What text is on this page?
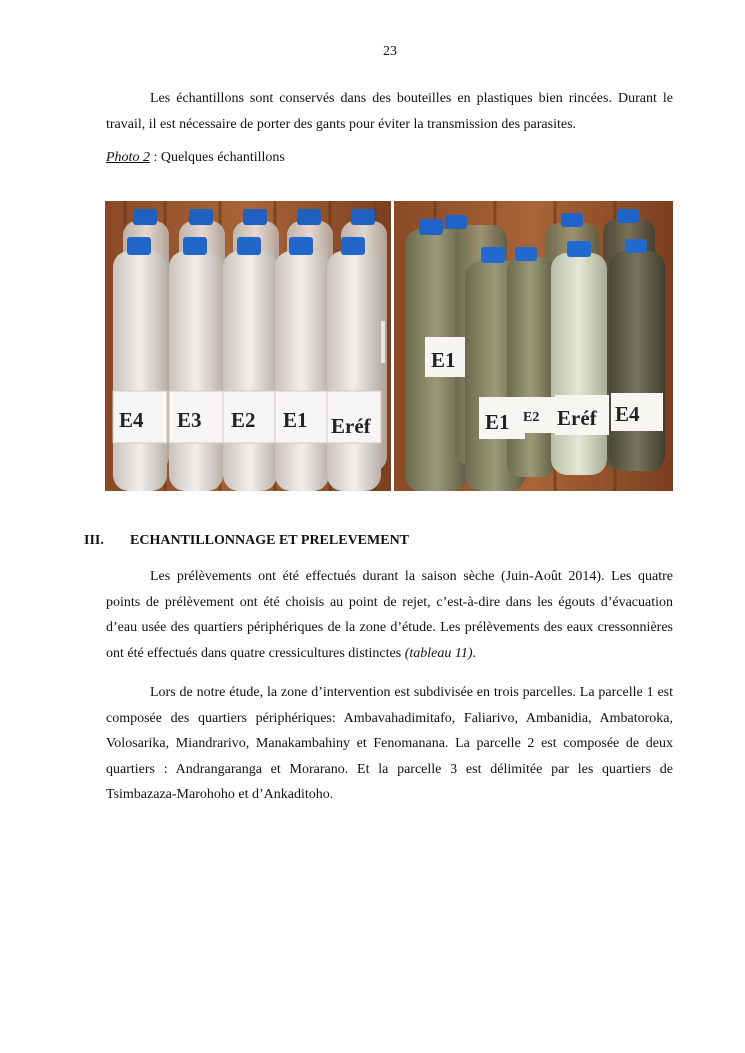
23

Les échantillons sont conservés dans des bouteilles en plastiques bien rincées. Durant le travail, il est nécessaire de porter des gants pour éviter la transmission des parasites.

Photo 2 : Quelques échantillons
E4 E3 E2 E1 Eréf
E1
E1 E2 Eréf E4
III. ECHANTILLONNAGE ET PRELEVEMENT

Les prélèvements ont été effectués durant la saison sèche (Juin-Août 2014). Les quatre points de prélèvement ont été choisis au point de rejet, c’est-à-dire dans les égouts d’évacuation d’eau usée des quartiers périphériques de la zone d’étude. Les prélèvements des eaux cressonnières ont été effectués dans quatre cressicultures distinctes (tableau 11).

Lors de notre étude, la zone d’intervention est subdivisée en trois parcelles. La parcelle 1 est composée des quartiers périphériques: Ambavahadimitafo, Faliarivo, Ambanidia, Ambatoroka, Volosarika, Miandrarivo, Manakambahiny et Fenomanana. La parcelle 2 est composée de deux quartiers : Andrangaranga et Morarano. Et la parcelle 3 est délimitée par les quartiers de Tsimbazaza-Marohoho et d’Ankaditoho.
